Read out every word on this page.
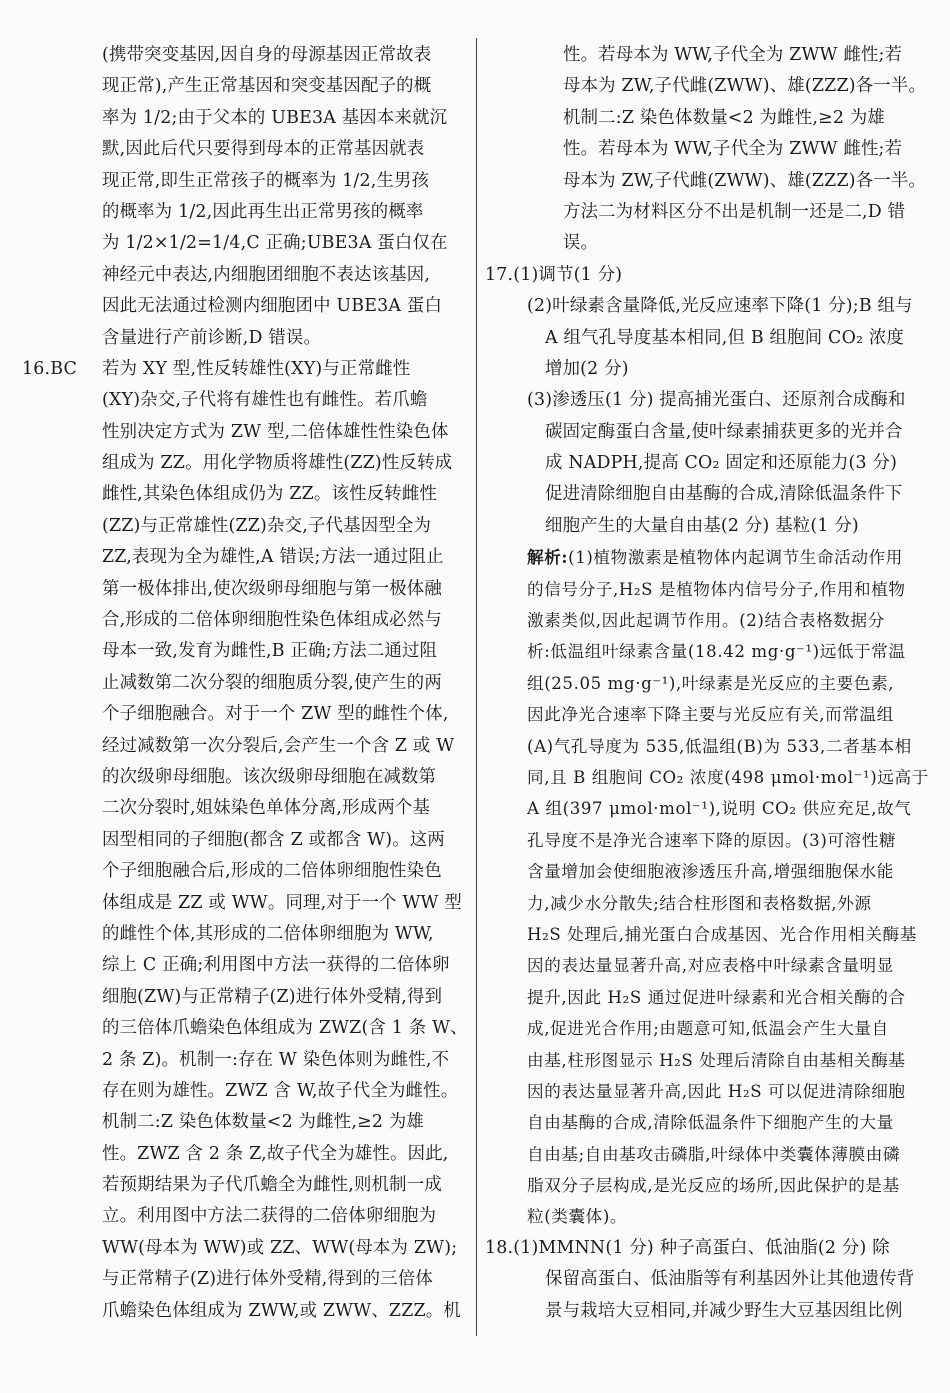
(携带突变基因,因自身的母源基因正常故表
现正常),产生正常基因和突变基因配子的概
率为 1/2;由于父本的 UBE3A 基因本来就沉
默,因此后代只要得到母本的正常基因就表
现正常,即生正常孩子的概率为 1/2,生男孩
的概率为 1/2,因此再生出正常男孩的概率
为 1/2×1/2=1/4,C 正确;UBE3A 蛋白仅在
神经元中表达,内细胞团细胞不表达该基因,
因此无法通过检测内细胞团中 UBE3A 蛋白
含量进行产前诊断,D 错误。
16.BC 若为 XY 型,性反转雄性(XY)与正常雌性
(XY)杂交,子代将有雄性也有雌性。若爪蟾
性别决定方式为 ZW 型,二倍体雄性性染色体
组成为 ZZ。用化学物质将雄性(ZZ)性反转成
雌性,其染色体组成仍为 ZZ。该性反转雌性
(ZZ)与正常雄性(ZZ)杂交,子代基因型全为
ZZ,表现为全为雄性,A 错误;方法一通过阻止
第一极体排出,使次级卵母细胞与第一极体融
合,形成的二倍体卵细胞性染色体组成必然与
母本一致,发育为雌性,B 正确;方法二通过阻
止减数第二次分裂的细胞质分裂,使产生的两
个子细胞融合。对于一个 ZW 型的雌性个体,
经过减数第一次分裂后,会产生一个含 Z 或 W
的次级卵母细胞。该次级卵母细胞在减数第
二次分裂时,姐妹染色单体分离,形成两个基
因型相同的子细胞(都含 Z 或都含 W)。这两
个子细胞融合后,形成的二倍体卵细胞性染色
体组成是 ZZ 或 WW。同理,对于一个 WW 型
的雌性个体,其形成的二倍体卵细胞为 WW,
综上 C 正确;利用图中方法一获得的二倍体卵
细胞(ZW)与正常精子(Z)进行体外受精,得到
的三倍体爪蟾染色体组成为 ZWZ(含 1 条 W、
2 条 Z)。机制一:存在 W 染色体则为雌性,不
存在则为雄性。ZWZ 含 W,故子代全为雌性。
机制二:Z 染色体数量<2 为雌性,≥2 为雄
性。ZWZ 含 2 条 Z,故子代全为雄性。因此,
若预期结果为子代爪蟾全为雌性,则机制一成
立。利用图中方法二获得的二倍体卵细胞为
WW(母本为 WW)或 ZZ、WW(母本为 ZW);
与正常精子(Z)进行体外受精,得到的三倍体
爪蟾染色体组成为 ZWW,或 ZWW、ZZZ。机
性。若母本为 WW,子代全为 ZWW 雌性;若
母本为 ZW,子代雌(ZWW)、雄(ZZZ)各一半。
机制二:Z 染色体数量<2 为雌性,≥2 为雄
性。若母本为 WW,子代全为 ZWW 雌性;若
母本为 ZW,子代雌(ZWW)、雄(ZZZ)各一半。
方法二为材料区分不出是机制一还是二,D 错
误。
17.(1)调节(1 分)
(2)叶绿素含量降低,光反应速率下降(1 分);B 组与
A 组气孔导度基本相同,但 B 组胞间 CO₂ 浓度
增加(2 分)
(3)渗透压(1 分) 提高捕光蛋白、还原剂合成酶和
碳固定酶蛋白含量,使叶绿素捕获更多的光并合
成 NADPH,提高 CO₂ 固定和还原能力(3 分)
促进清除细胞自由基酶的合成,清除低温条件下
细胞产生的大量自由基(2 分) 基粒(1 分)
解析:(1)植物激素是植物体内起调节生命活动作用
的信号分子,H₂S 是植物体内信号分子,作用和植物
激素类似,因此起调节作用。(2)结合表格数据分
析:低温组叶绿素含量(18.42 mg·g⁻¹)远低于常温
组(25.05 mg·g⁻¹),叶绿素是光反应的主要色素,
因此净光合速率下降主要与光反应有关,而常温组
(A)气孔导度为 535,低温组(B)为 533,二者基本相
同,且 B 组胞间 CO₂ 浓度(498 μmol·mol⁻¹)远高于
A 组(397 μmol·mol⁻¹),说明 CO₂ 供应充足,故气
孔导度不是净光合速率下降的原因。(3)可溶性糖
含量增加会使细胞液渗透压升高,增强细胞保水能
力,减少水分散失;结合柱形图和表格数据,外源
H₂S 处理后,捕光蛋白合成基因、光合作用相关酶基
因的表达量显著升高,对应表格中叶绿素含量明显
提升,因此 H₂S 通过促进叶绿素和光合相关酶的合
成,促进光合作用;由题意可知,低温会产生大量自
由基,柱形图显示 H₂S 处理后清除自由基相关酶基
因的表达量显著升高,因此 H₂S 可以促进清除细胞
自由基酶的合成,清除低温条件下细胞产生的大量
自由基;自由基攻击磷脂,叶绿体中类囊体薄膜由磷
脂双分子层构成,是光反应的场所,因此保护的是基
粒(类囊体)。
18.(1)MMNN(1 分) 种子高蛋白、低油脂(2 分) 除
保留高蛋白、低油脂等有利基因外让其他遗传背
景与栽培大豆相同,并减少野生大豆基因组比例
